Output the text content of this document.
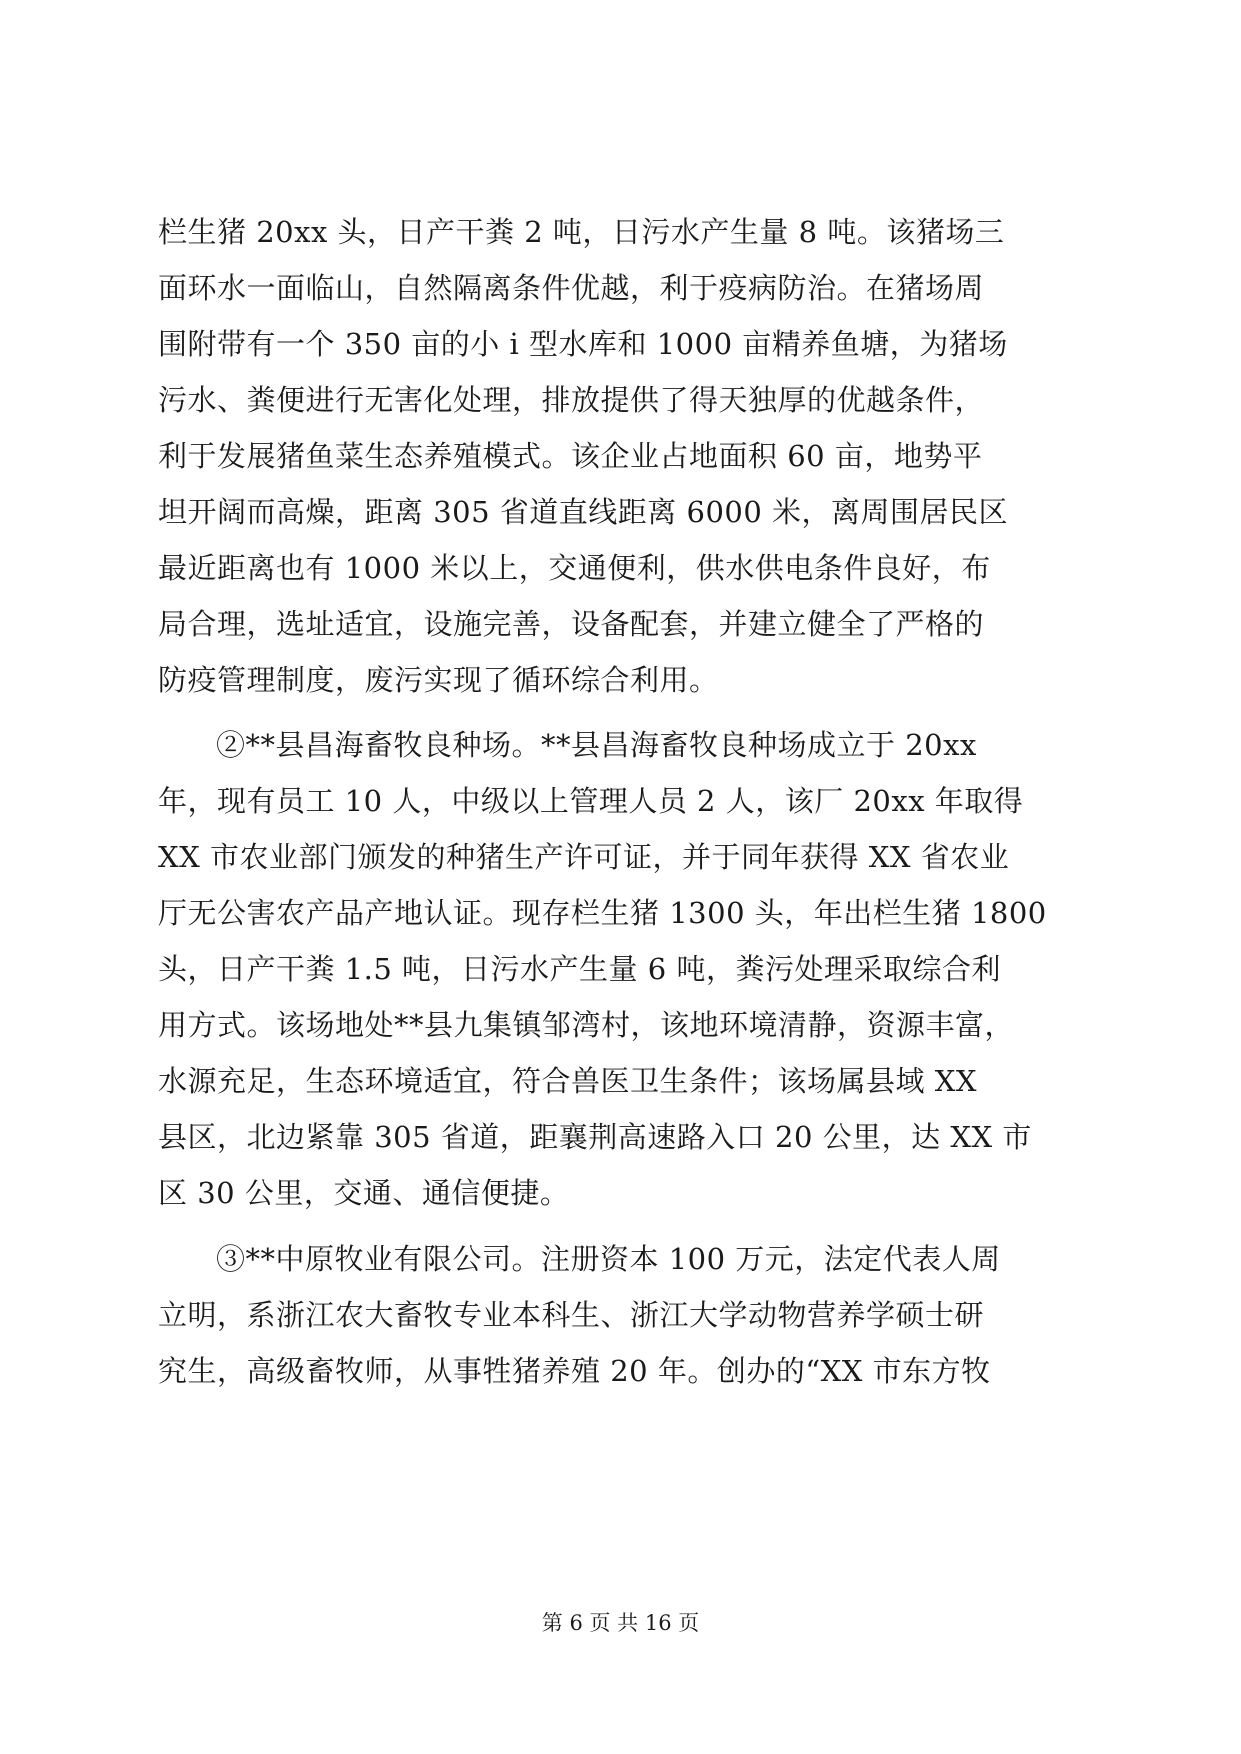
栏生猪 20xx 头，日产干粪 2 吨，日污水产生量 8 吨。该猪场三
面环水一面临山，自然隔离条件优越，利于疫病防治。在猪场周
围附带有一个 350 亩的小 i 型水库和 1000 亩精养鱼塘，为猪场
污水、粪便进行无害化处理，排放提供了得天独厚的优越条件，
利于发展猪鱼菜生态养殖模式。该企业占地面积 60 亩，地势平
坦开阔而高燥，距离 305 省道直线距离 6000 米，离周围居民区
最近距离也有 1000 米以上，交通便利，供水供电条件良好，布
局合理，选址适宜，设施完善，设备配套，并建立健全了严格的
防疫管理制度，废污实现了循环综合利用。
②**县昌海畜牧良种场。**县昌海畜牧良种场成立于 20xx
年，现有员工 10 人，中级以上管理人员 2 人，该厂 20xx 年取得
XX 市农业部门颁发的种猪生产许可证，并于同年获得 XX 省农业
厅无公害农产品产地认证。现存栏生猪 1300 头，年出栏生猪 1800
头，日产干粪 1.5 吨，日污水产生量 6 吨，粪污处理采取综合利
用方式。该场地处**县九集镇邹湾村，该地环境清静，资源丰富，
水源充足，生态环境适宜，符合兽医卫生条件；该场属县域 XX
县区，北边紧靠 305 省道，距襄荆高速路入口 20 公里，达 XX 市
区 30 公里，交通、通信便捷。
③**中原牧业有限公司。注册资本 100 万元，法定代表人周
立明，系浙江农大畜牧专业本科生、浙江大学动物营养学硕士研
究生，高级畜牧师，从事牲猪养殖 20 年。创办的“XX 市东方牧
第 6 页 共 16 页
